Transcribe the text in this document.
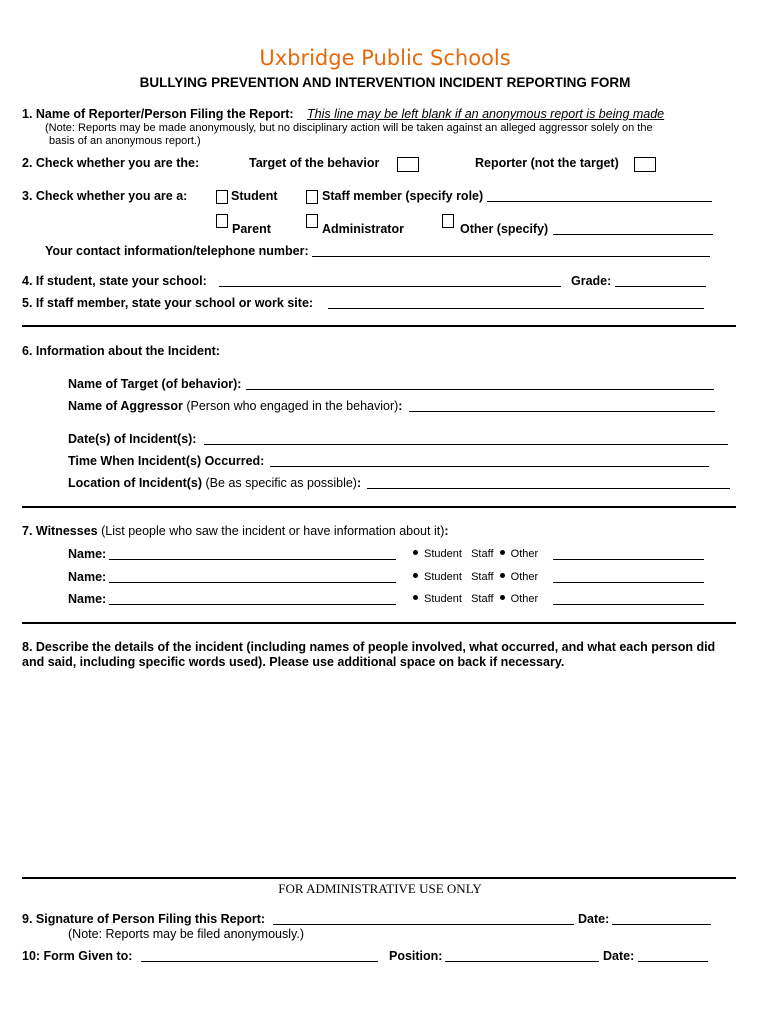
Uxbridge Public Schools
BULLYING PREVENTION AND INTERVENTION INCIDENT REPORTING FORM
1. Name of Reporter/Person Filing the Report: This line may be left blank if an anonymous report is being made
(Note: Reports may be made anonymously, but no disciplinary action will be taken against an alleged aggressor solely on the
basis of an anonymous report.)
2. Check whether you are the:	Target of the behavior	Reporter (not the target)
3. Check whether you are a:	Student	Staff member (specify role)
Parent	Administrator	Other (specify)
Your contact information/telephone number:
4. If student, state your school:	Grade:
5. If staff member, state your school or work site:
6. Information about the Incident:
Name of Target (of behavior):
Name of Aggressor (Person who engaged in the behavior):
Date(s) of Incident(s):
Time When Incident(s) Occurred:
Location of Incident(s) (Be as specific as possible):
7. Witnesses (List people who saw the incident or have information about it):
Name:	Student Staff Other
Name:	Student Staff Other
Name:	Student Staff Other
8. Describe the details of the incident (including names of people involved, what occurred, and what each person did
and said, including specific words used). Please use additional space on back if necessary.
FOR ADMINISTRATIVE USE ONLY
9. Signature of Person Filing this Report:	Date:
(Note: Reports may be filed anonymously.)
10: Form Given to:	Position:	Date:
